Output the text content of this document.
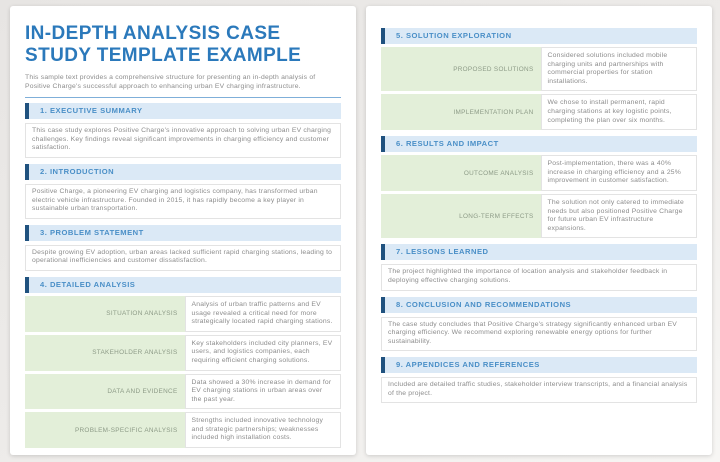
IN-DEPTH ANALYSIS CASE STUDY TEMPLATE EXAMPLE

This sample text provides a comprehensive structure for presenting an in-depth analysis of Positive Charge's successful approach to enhancing urban EV charging infrastructure.

1. EXECUTIVE SUMMARY
This case study explores Positive Charge's innovative approach to solving urban EV charging challenges. Key findings reveal significant improvements in charging efficiency and customer satisfaction.
2. INTRODUCTION
Positive Charge, a pioneering EV charging and logistics company, has transformed urban electric vehicle infrastructure. Founded in 2015, it has rapidly become a key player in sustainable urban transportation.
3. PROBLEM STATEMENT
Despite growing EV adoption, urban areas lacked sufficient rapid charging stations, leading to operational inefficiencies and customer dissatisfaction.
4. DETAILED ANALYSIS
SITUATION ANALYSIS	Analysis of urban traffic patterns and EV usage revealed a critical need for more strategically located rapid charging stations.
STAKEHOLDER ANALYSIS	Key stakeholders included city planners, EV users, and logistics companies, each requiring efficient charging solutions.
DATA AND EVIDENCE	Data showed a 30% increase in demand for EV charging stations in urban areas over the past year.
PROBLEM-SPECIFIC ANALYSIS	Strengths included innovative technology and strategic partnerships; weaknesses included high installation costs.
5. SOLUTION EXPLORATION
PROPOSED SOLUTIONS	Considered solutions included mobile charging units and partnerships with commercial properties for station installations.
IMPLEMENTATION PLAN	We chose to install permanent, rapid charging stations at key logistic points, completing the plan over six months.
6. RESULTS AND IMPACT
OUTCOME ANALYSIS	Post-implementation, there was a 40% increase in charging efficiency and a 25% improvement in customer satisfaction.
LONG-TERM EFFECTS	The solution not only catered to immediate needs but also positioned Positive Charge for future urban EV infrastructure expansions.
7. LESSONS LEARNED
The project highlighted the importance of location analysis and stakeholder feedback in deploying effective charging solutions.
8. CONCLUSION AND RECOMMENDATIONS
The case study concludes that Positive Charge's strategy significantly enhanced urban EV charging efficiency. We recommend exploring renewable energy options for further sustainability.
9. APPENDICES AND REFERENCES
Included are detailed traffic studies, stakeholder interview transcripts, and a financial analysis of the project.
